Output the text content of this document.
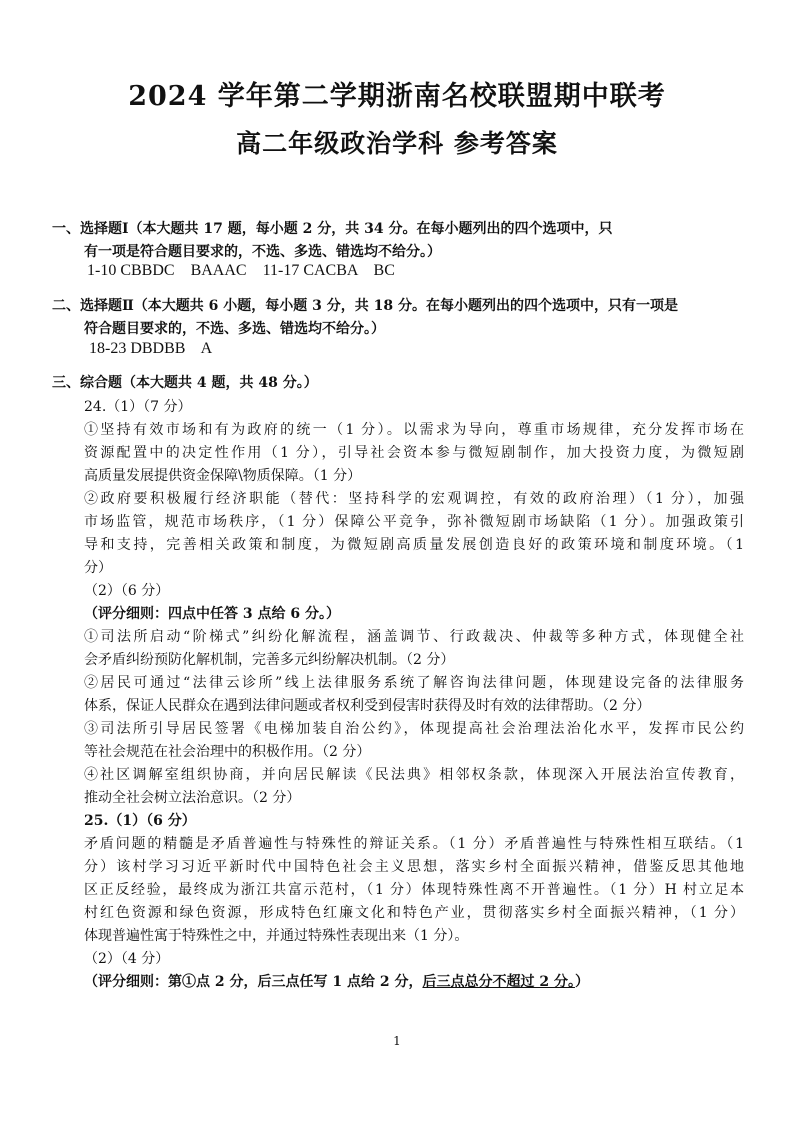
2024 学年第二学期浙南名校联盟期中联考
高二年级政治学科 参考答案
一、选择题Ⅰ（本大题共 17 题，每小题 2 分，共 34 分。在每小题列出的四个选项中，只
有一项是符合题目要求的，不选、多选、错选均不给分。）
1-10 CBBDC    BAAAC    11-17 CACBA    BC
二、选择题Ⅱ（本大题共 6 小题，每小题 3 分，共 18 分。在每小题列出的四个选项中，只有一项是
符合题目要求的，不选、多选、错选均不给分。）
18-23 DBDBB    A
三、综合题（本大题共 4 题，共 48 分。）
24.（1）（7 分）
①坚持有效市场和有为政府的统一（1 分）。以需求为导向，尊重市场规律，充分发挥市场在
资源配置中的决定性作用（1 分），引导社会资本参与微短剧制作，加大投资力度，为微短剧
高质量发展提供资金保障\物质保障。（1 分）
②政府要积极履行经济职能（替代：坚持科学的宏观调控，有效的政府治理）（1 分），加强
市场监管，规范市场秩序，（1 分）保障公平竞争，弥补微短剧市场缺陷（1 分）。加强政策引
导和支持，完善相关政策和制度，为微短剧高质量发展创造良好的政策环境和制度环境。（1
分）
（2）（6 分）
（评分细则：四点中任答 3 点给 6 分。）
①司法所启动“阶梯式”纠纷化解流程，涵盖调节、行政裁决、仲裁等多种方式，体现健全社
会矛盾纠纷预防化解机制，完善多元纠纷解决机制。（2 分）
②居民可通过“法律云诊所”线上法律服务系统了解咨询法律问题，体现建设完备的法律服务
体系，保证人民群众在遇到法律问题或者权利受到侵害时获得及时有效的法律帮助。（2 分）
③司法所引导居民签署《电梯加装自治公约》，体现提高社会治理法治化水平，发挥市民公约
等社会规范在社会治理中的积极作用。（2 分）
④社区调解室组织协商，并向居民解读《民法典》相邻权条款，体现深入开展法治宣传教育，
推动全社会树立法治意识。（2 分）
25.（1）（6 分）
矛盾问题的精髓是矛盾普遍性与特殊性的辩证关系。（1 分）矛盾普遍性与特殊性相互联结。（1
分）该村学习习近平新时代中国特色社会主义思想，落实乡村全面振兴精神，借鉴反思其他地
区正反经验，最终成为浙江共富示范村，（1 分）体现特殊性离不开普遍性。（1 分）H 村立足本
村红色资源和绿色资源，形成特色红廉文化和特色产业，贯彻落实乡村全面振兴精神，（1 分）
体现普遍性寓于特殊性之中，并通过特殊性表现出来（1 分）。
（2）（4 分）
（评分细则：第①点 2 分，后三点任写 1 点给 2 分，后三点总分不超过 2 分。）
1
